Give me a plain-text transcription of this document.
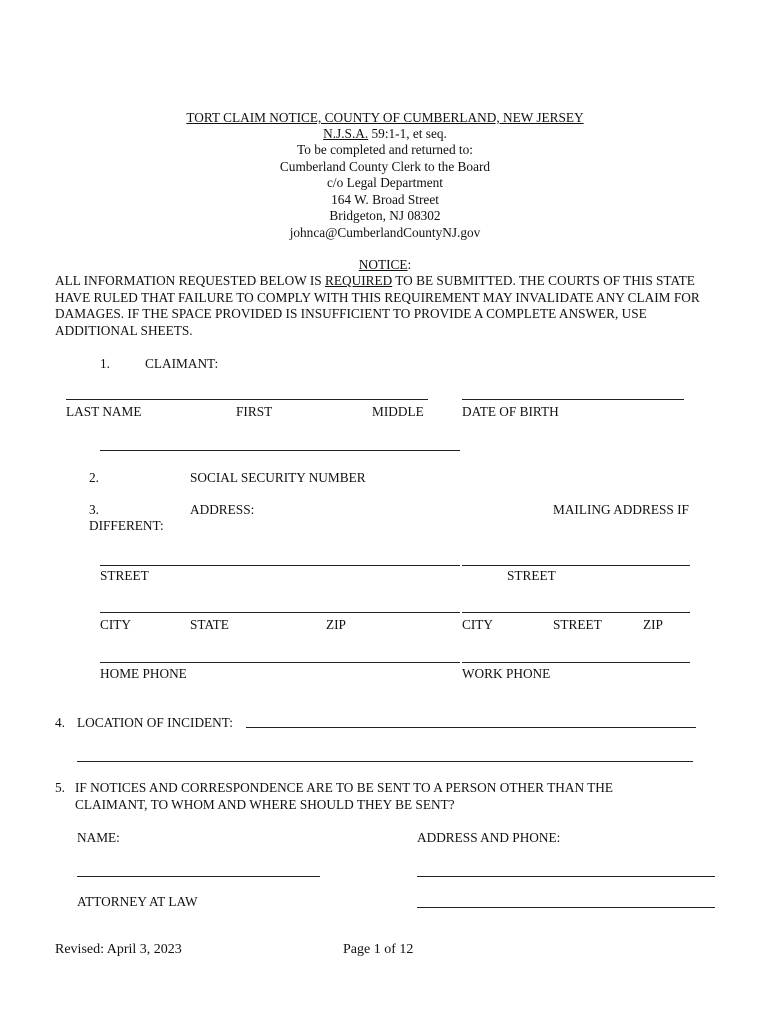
TORT CLAIM NOTICE, COUNTY OF CUMBERLAND, NEW JERSEY
N.J.S.A. 59:1-1, et seq.
To be completed and returned to:
Cumberland County Clerk to the Board
c/o Legal Department
164 W. Broad Street
Bridgeton, NJ 08302
johnca@CumberlandCountyNJ.gov
NOTICE:
ALL INFORMATION REQUESTED BELOW IS REQUIRED TO BE SUBMITTED. THE COURTS OF THIS STATE HAVE RULED THAT FAILURE TO COMPLY WITH THIS REQUIREMENT MAY INVALIDATE ANY CLAIM FOR DAMAGES. IF THE SPACE PROVIDED IS INSUFFICIENT TO PROVIDE A COMPLETE ANSWER, USE ADDITIONAL SHEETS.
1.	CLAIMANT:
LAST NAME	FIRST	MIDDLE	DATE OF BIRTH
2.	SOCIAL SECURITY NUMBER
3.	ADDRESS:	MAILING ADDRESS IF
DIFFERENT:
STREET	STREET
CITY	STATE	ZIP	CITY	STREET	ZIP
HOME PHONE	WORK PHONE
4. LOCATION OF INCIDENT:
5. IF NOTICES AND CORRESPONDENCE ARE TO BE SENT TO A PERSON OTHER THAN THE
CLAIMANT, TO WHOM AND WHERE SHOULD THEY BE SENT?
NAME:	ADDRESS AND PHONE:
ATTORNEY AT LAW
Revised: April 3, 2023	Page 1 of 12
